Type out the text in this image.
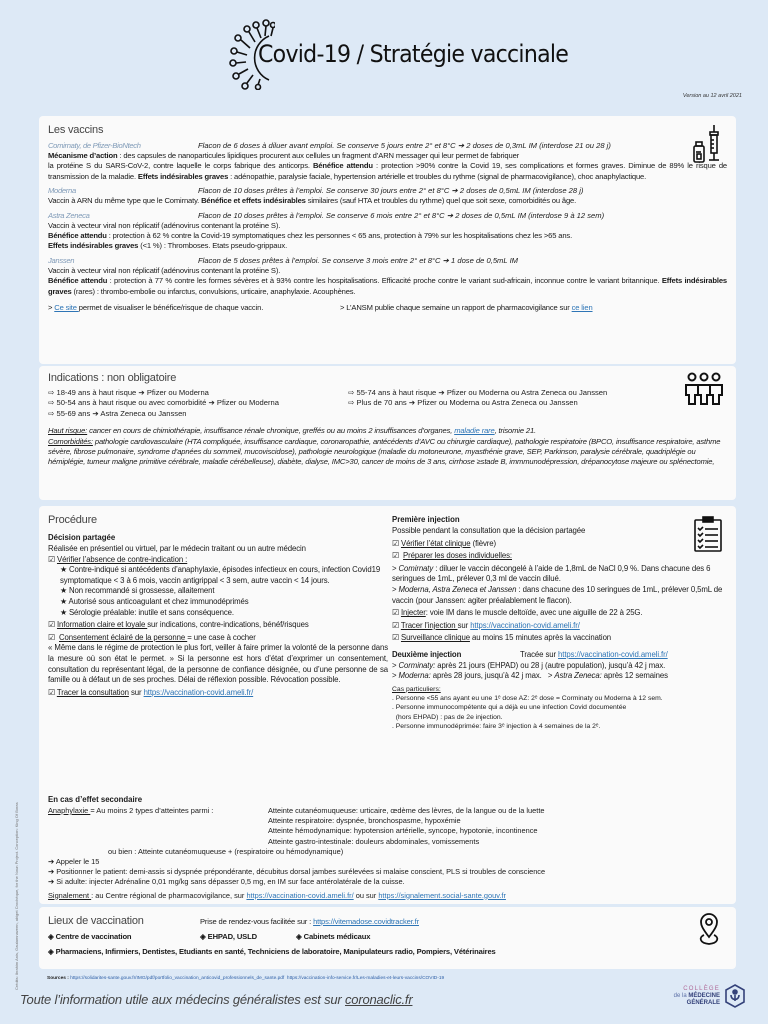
Covid-19 / Stratégie vaccinale
Version au 12 avril 2021
Les vaccins
Comirnaty, de Pfizer-BioNtech	Flacon de 6 doses à diluer avant emploi. Se conserve 5 jours entre 2° et 8°C ➔ 2 doses de 0,3mL IM (interdose 21 ou 28 j)
Mécanisme d’action : des capsules de nanoparticules lipidiques procurent aux cellules un fragment d’ARN messager qui leur permet de fabriquer
la protéine S du SARS-CoV-2, contre laquelle le corps fabrique des anticorps. Bénéfice attendu : protection >90% contre la Covid 19, ses complications et formes graves. Diminue de 89% le risque de transmission de la maladie. Effets indésirables graves : adénopathie, paralysie faciale, hypertension artérielle et troubles du rythme (signal de pharmacovigilance), choc anaphylactique.
Moderna	Flacon de 10 doses prêtes à l’emploi. Se conserve 30 jours entre 2° et 8°C ➔ 2 doses de 0,5mL IM (interdose 28 j)
Vaccin à ARN du même type que le Comirnaty. Bénéfice et effets indésirables similaires (sauf HTA et troubles du rythme) quel que soit sexe, comorbidités ou âge.
Astra Zeneca	Flacon de 10 doses prêtes à l’emploi. Se conserve 6 mois entre 2° et 8°C ➔ 2 doses de 0,5mL IM (interdose 9 à 12 sem)
Vaccin à vecteur viral non réplicatif (adénovirus contenant la protéine S).
Bénéfice attendu : protection à 62 % contre la Covid-19 symptomatiques chez les personnes < 65 ans, protection à 79% sur les hospitalisations chez les >65 ans.
Effets indésirables graves (<1 %) : Thromboses. Etats pseudo-grippaux.
Janssen	Flacon de 5 doses prêtes à l’emploi. Se conserve 3 mois entre 2° et 8°C ➔ 1 dose de 0,5mL IM
Vaccin à vecteur viral non réplicatif (adénovirus contenant la protéine S).
Bénéfice attendu : protection à 77 % contre les formes sévères et à 93% contre les hospitalisations. Efficacité proche contre le variant sud-africain, inconnue contre le variant britannique. Effets indésirables graves (rares) : thrombo-embolie ou infarctus, convulsions, urticaire, anaphylaxie. Acouphènes.
> Ce site permet de visualiser le bénéfice/risque de chaque vaccin.	> L’ANSM publie chaque semaine un rapport de pharmacovigilance sur ce lien
Indications : non obligatoire
⇨ 18-49 ans à haut risque ➔ Pfizer ou Moderna
⇨ 50-54 ans à haut risque ou avec comorbidité ➔ Pfizer ou Moderna
⇨ 55-69 ans ➔ Astra Zeneca ou Janssen
⇨ 55-74 ans à haut risque ➔ Pfizer ou Moderna ou Astra Zeneca ou Janssen
⇨ Plus de 70 ans ➔ Pfizer ou Moderna ou Astra Zeneca ou Janssen
Haut risque: cancer en cours de chimiothérapie, insuffisance rénale chronique, greffés ou au moins 2 insuffisances d’organes, maladie rare, trisomie 21.
Comorbidités: pathologie cardiovasculaire (HTA compliquée, insuffisance cardiaque, coronaropathie, antécédents d’AVC ou chirurgie cardiaque), pathologie respiratoire (BPCO, insuffisance respiratoire, asthme sévère, fibrose pulmonaire, syndrome d’apnées du sommeil, mucoviscidose), pathologie neurologique (maladie du motoneurone, myasthénie grave, SEP, Parkinson, paralysie cérébrale, quadriplégie ou hémiplégie, tumeur maligne primitive cérébrale, maladie cérébelleuse), diabète, dialyse, IMC>30, cancer de moins de 3 ans, cirrhose ≥stade B, immmunodépression, drépanocytose majeure ou splénectomie,
Procédure
Décision partagée
Réalisée en présentiel ou virtuel, par le médecin traitant ou un autre médecin
☑ Vérifier l’absence de contre-indication :
★ Contre-indiqué si antécédents d’anaphylaxie, épisodes infectieux en cours, infection Covid19 symptomatique < 3 à 6 mois, vaccin antigrippal < 3 sem, autre vaccin < 14 jours.
★ Non recommandé si grossesse, allaitement
★ Autorisé sous anticoagulant et chez immunodéprimés
★ Sérologie préalable: inutile et sans conséquence.
☑ Information claire et loyale sur indications, contre-indications, bénéf/risques
☑  Consentement éclairé de la personne = une case à cocher
« Même dans le régime de protection le plus fort, veiller à faire primer la volonté de la personne dans la mesure où son état le permet. » Si la personne est hors d’état d’exprimer un consentement, consultation du représentant légal, de la personne de confiance désignée, ou d’une personne de sa famille ou à défaut un de ses proches. Délai de réflexion possible. Révocation possible.
☑ Tracer la consultation sur https://vaccination-covid.ameli.fr/
Première injection
Possible pendant la consultation que la décision partagée
☑ Vérifier l’état clinique (fièvre)
☑  Préparer les doses individuelles:
> Comirnaty : diluer le vaccin décongelé à l’aide de 1,8mL de NaCl 0,9 %. Dans chacune des 6 seringues de 1mL, prélever 0,3 ml de vaccin dilué.
> Moderna, Astra Zeneca et Janssen : dans chacune des 10 seringues de 1mL, prélever 0,5mL de vaccin (pour Janssen: agiter préalablement le flacon).
☑ Injecter: voie IM dans le muscle deltoïde, avec une aiguille de 22 à 25G.
☑ Tracer l’injection sur https://vaccination-covid.ameli.fr/
☑ Surveillance clinique au moins 15 minutes après la vaccination
Deuxième injection	Tracée sur https://vaccination-covid.ameli.fr/
> Corminaty: après 21 jours (EHPAD) ou 28 j (autre population), jusqu’à 42 j max.
> Moderna: après 28 jours, jusqu’à 42 j max.   > Astra Zeneca: après 12 semaines
Cas particuliers:
. Personne <55 ans ayant eu une 1ᵉ dose AZ: 2ᵉ dose = Corminaty ou Moderna à 12 sem.
. Personne immunocompétente qui a déjà eu une infection Covid documentée
(hors EHPAD) : pas de 2e injection.
. Personne immunodéprimée: faire 3ᵉ injection à 4 semaines de la 2ᵉ.
En cas d’effet secondaire
Anaphylaxie = Au moins 2 types d’atteintes parmi :	Atteinte cutanéomuqueuse: urticaire, œdème des lèvres, de la langue ou de la luette
Atteinte respiratoire: dyspnée, bronchospasme, hypoxémie
Atteinte hémodynamique: hypotension artérielle, syncope, hypotonie, incontinence
Atteinte gastro-intestinale: douleurs abdominales, vomissements
ou bien : Atteinte cutanéomuqueuse + (respiratoire ou hémodynamique)
➔ Appeler le 15
➔ Positionner le patient: demi-assis si dyspnée prépondérante, décubitus dorsal jambes surélevées si malaise conscient, PLS si troubles de conscience
➔ Si adulte: injecter Adrénaline 0,01 mg/kg sans dépasser 0,5 mg, en IM sur face antérolatérale de la cuisse.
Signalement : au Centre régional de pharmacovigilance, sur https://vaccination-covid.ameli.fr/ ou sur https://signalement.social-sante.gouv.fr
Lieux de vaccination	Prise de rendez-vous facilitée sur : https://vitemadose.covidtracker.fr
◈ Centre de vaccination	◈ EHPAD, USLD	◈ Cabinets médicaux
◈ Pharmaciens, Infirmiers, Dentistes, Etudiants en santé, Techniciens de laboratoire, Manipulateurs radio, Pompiers, Vétérinaires
Crédits: Ibrahim Anis, Gautamnaveen, abiget Crochèque, for the Noun Project. Conception: King Of Boras	Sources : https://solidarites-sante.gouv.fr/IMG/pdf/portfolio_vaccination_anticovid_professionnels_de_sante.pdf https://vaccination-info-service.fr/Les-maladies-et-leurs-vaccins/COVID-19
Toute l’information utile aux médecins généralistes est sur coronaclic.fr
COLLÈGE
de la MÉDECINE
GÉNÉRALE
